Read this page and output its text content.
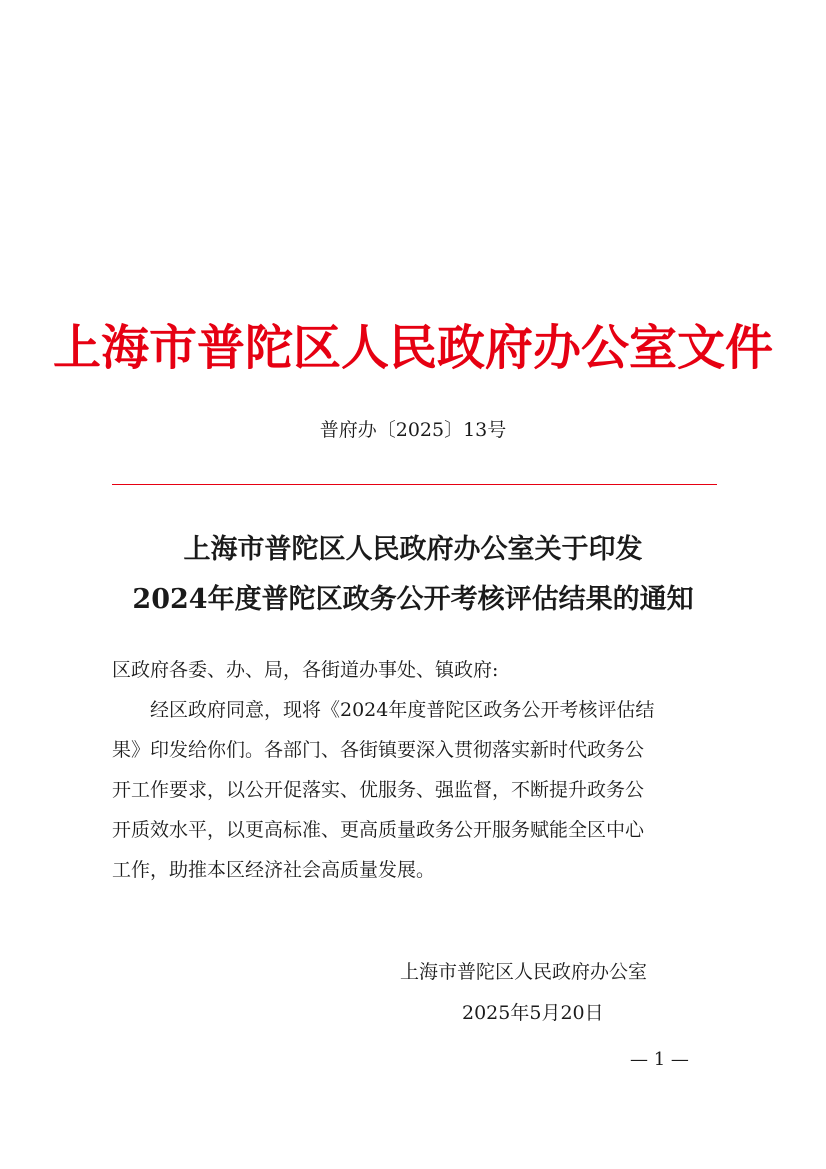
上海市普陀区人民政府办公室文件
普府办〔2025〕13号
上海市普陀区人民政府办公室关于印发
2024年度普陀区政务公开考核评估结果的通知
区政府各委、办、局，各街道办事处、镇政府:
经区政府同意，现将《2024年度普陀区政务公开考核评估结
果》印发给你们。各部门、各街镇要深入贯彻落实新时代政务公
开工作要求，以公开促落实、优服务、强监督，不断提升政务公
开质效水平，以更高标准、更高质量政务公开服务赋能全区中心
工作，助推本区经济社会高质量发展。
上海市普陀区人民政府办公室
2025年5月20日
— 1 —
